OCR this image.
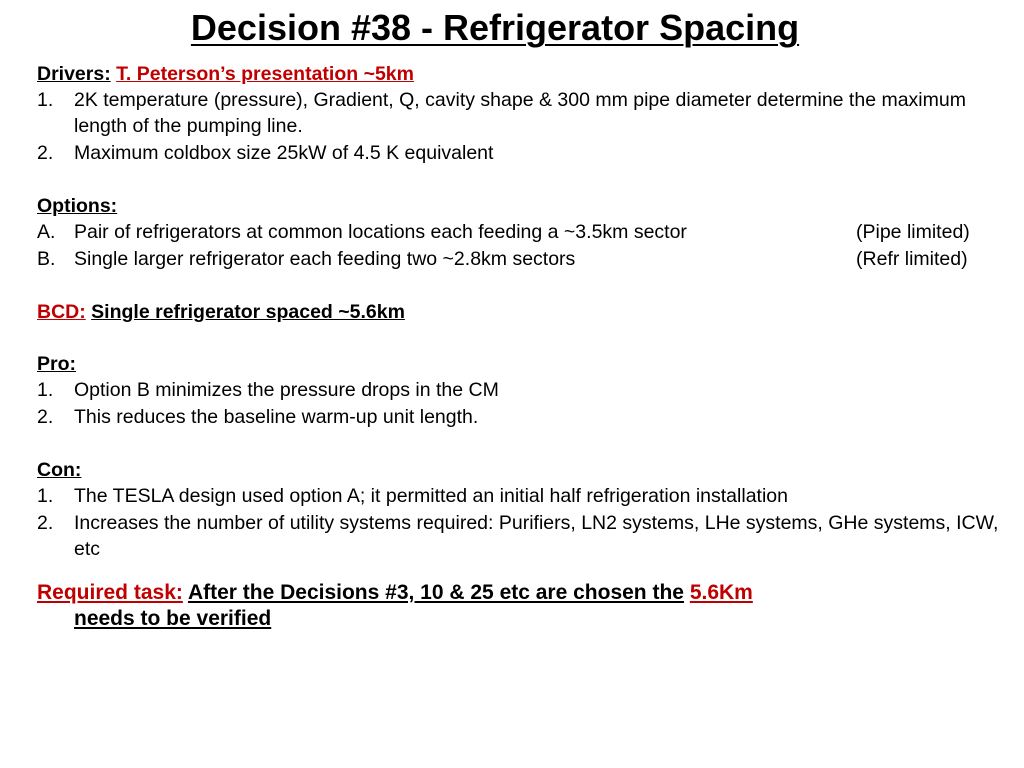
Decision #38 - Refrigerator Spacing

Drivers: T. Peterson’s presentation ~5km

1.	2K temperature (pressure), Gradient, Q, cavity shape & 300 mm pipe diameter determine the maximum length of the pumping line.
2.	Maximum coldbox size 25kW of 4.5 K equivalent

Options:

A. Pair of refrigerators at common locations each feeding a ~3.5km sector	(Pipe limited)
B. Single larger refrigerator each feeding two ~2.8km sectors	(Refr limited)

BCD: Single refrigerator spaced ~5.6km

Pro:

1.	Option B minimizes the pressure drops in the CM
2.	This reduces the baseline warm-up unit length.

Con:

1.	The TESLA design used option A; it permitted an initial half refrigeration installation
2.	Increases the number of utility systems required: Purifiers, LN2 systems, LHe systems, GHe systems, ICW, etc
Required task: After the Decisions #3, 10 & 25 etc are chosen the 5.6Km
needs to be verified
